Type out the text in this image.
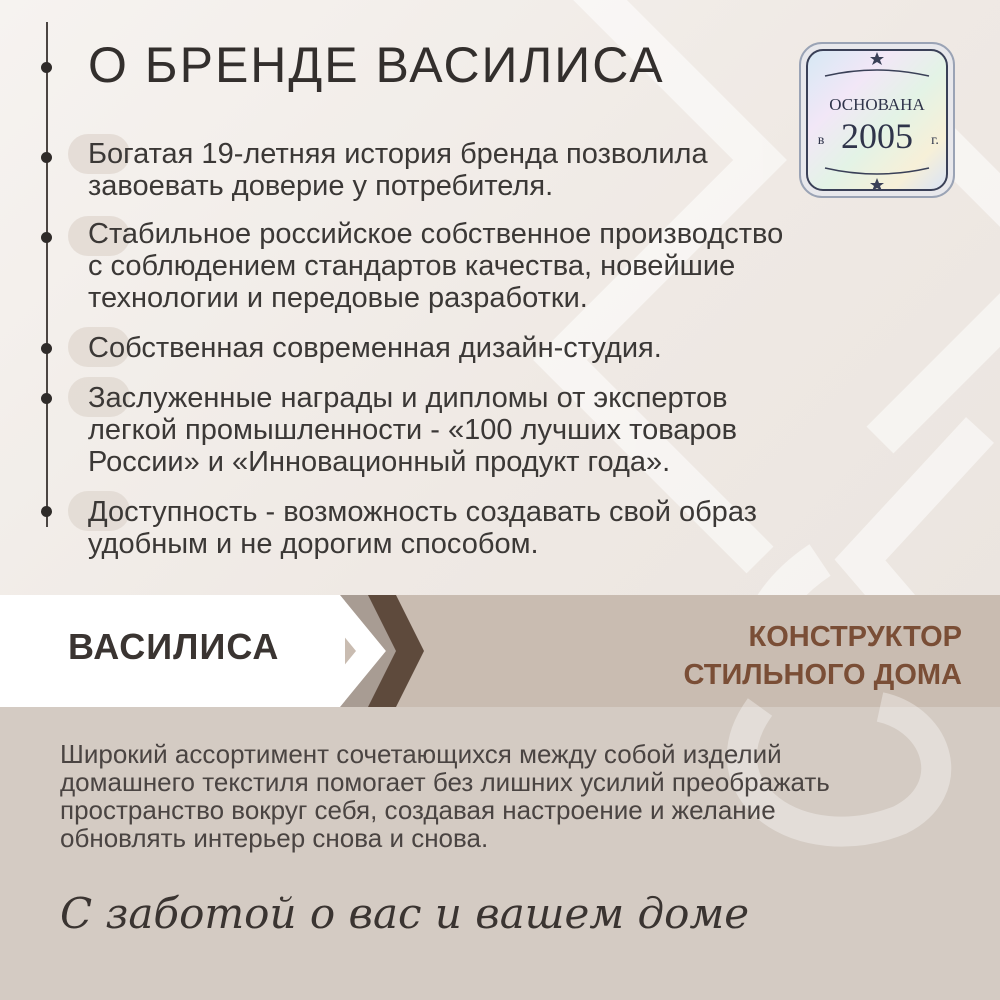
О БРЕНДЕ ВАСИЛИСА
Богатая 19-летняя история бренда позволила
завоевать доверие у потребителя.
Стабильное российское собственное производство
с соблюдением стандартов качества, новейшие
технологии и передовые разработки.
Собственная современная дизайн-студия.
Заслуженные награды и дипломы от экспертов
легкой промышленности - «100 лучших товаров
России» и «Инновационный продукт года».
Доступность - возможность создавать свой образ
удобным и не дорогим способом.
ОСНОВАНА
в 2005 г.
ВАСИЛИСА	КОНСТРУКТОР
СТИЛЬНОГО ДОМА
Широкий ассортимент сочетающихся между собой изделий
домашнего текстиля помогает без лишних усилий преображать
пространство вокруг себя, создавая настроение и желание
обновлять интерьер снова и снова.
С заботой о вас и вашем доме
